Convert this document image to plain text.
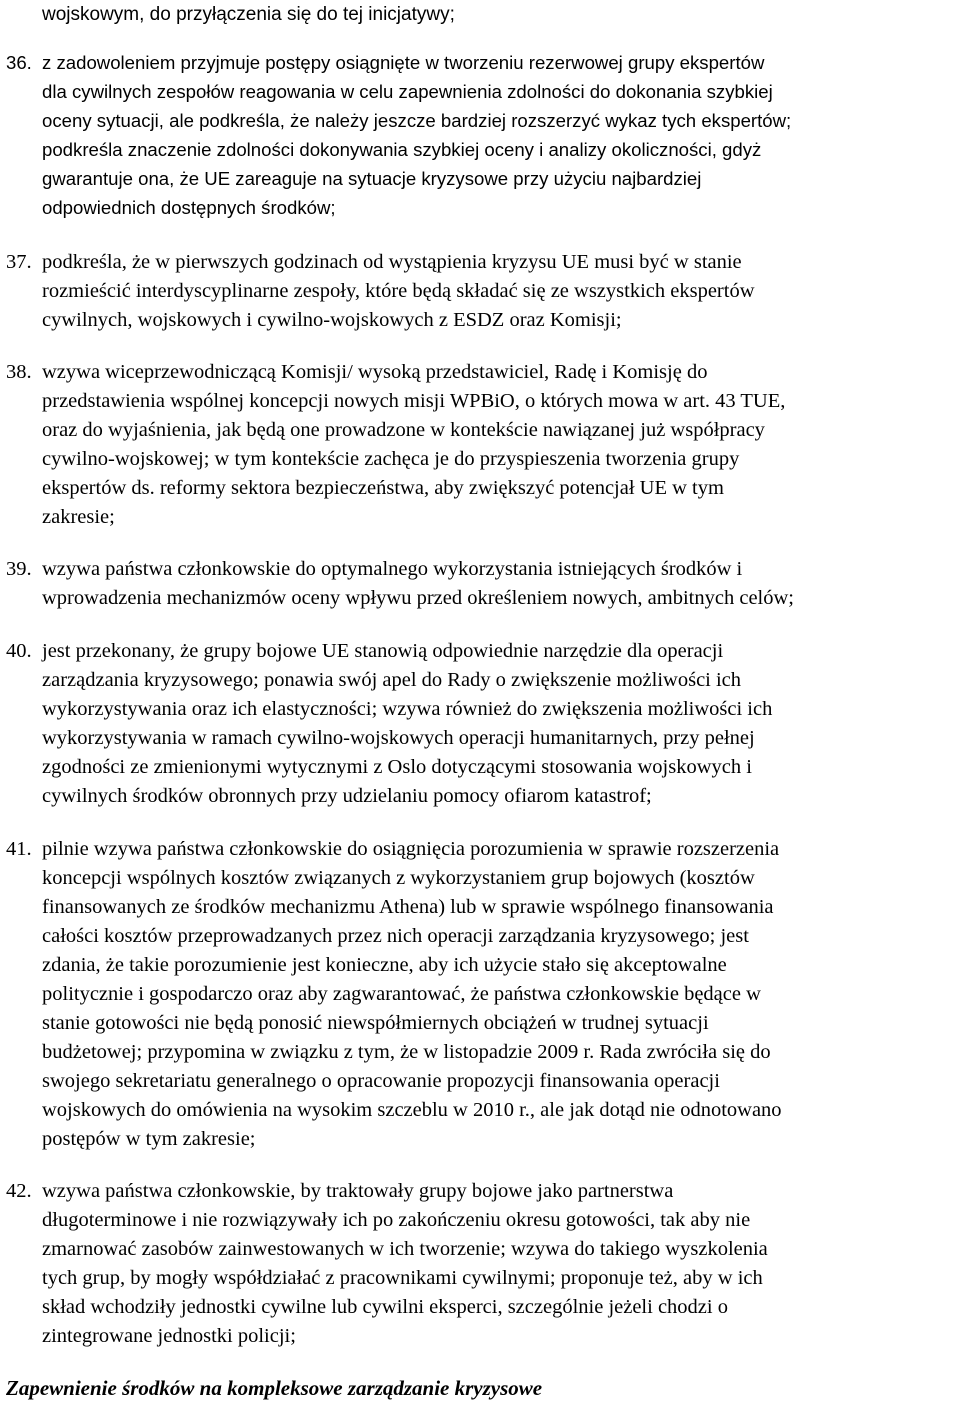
wojskowym, do przyłączenia się do tej inicjatywy;
36. z zadowoleniem przyjmuje postępy osiągnięte w tworzeniu rezerwowej grupy ekspertów
dla cywilnych zespołów reagowania w celu zapewnienia zdolności do dokonania szybkiej
oceny sytuacji, ale podkreśla, że należy jeszcze bardziej rozszerzyć wykaz tych ekspertów;
podkreśla znaczenie zdolności dokonywania szybkiej oceny i analizy okoliczności, gdyż
gwarantuje ona, że UE zareaguje na sytuacje kryzysowe przy użyciu najbardziej
odpowiednich dostępnych środków;
37. podkreśla, że w pierwszych godzinach od wystąpienia kryzysu UE musi być w stanie
rozmieścić interdyscyplinarne zespoły, które będą składać się ze wszystkich ekspertów
cywilnych, wojskowych i cywilno-wojskowych z ESDZ oraz Komisji;
38. wzywa wiceprzewodniczącą Komisji/ wysoką przedstawiciel, Radę i Komisję do
przedstawienia wspólnej koncepcji nowych misji WPBiO, o których mowa w art. 43 TUE,
oraz do wyjaśnienia, jak będą one prowadzone w kontekście nawiązanej już współpracy
cywilno-wojskowej; w tym kontekście zachęca je do przyspieszenia tworzenia grupy
ekspertów ds. reformy sektora bezpieczeństwa, aby zwiększyć potencjał UE w tym
zakresie;
39. wzywa państwa członkowskie do optymalnego wykorzystania istniejących środków i
wprowadzenia mechanizmów oceny wpływu przed określeniem nowych, ambitnych celów;
40. jest przekonany, że grupy bojowe UE stanowią odpowiednie narzędzie dla operacji
zarządzania kryzysowego; ponawia swój apel do Rady o zwiększenie możliwości ich
wykorzystywania oraz ich elastyczności; wzywa również do zwiększenia możliwości ich
wykorzystywania w ramach cywilno-wojskowych operacji humanitarnych, przy pełnej
zgodności ze zmienionymi wytycznymi z Oslo dotyczącymi stosowania wojskowych i
cywilnych środków obronnych przy udzielaniu pomocy ofiarom katastrof;
41. pilnie wzywa państwa członkowskie do osiągnięcia porozumienia w sprawie rozszerzenia
koncepcji wspólnych kosztów związanych z wykorzystaniem grup bojowych (kosztów
finansowanych ze środków mechanizmu Athena) lub w sprawie wspólnego finansowania
całości kosztów przeprowadzanych przez nich operacji zarządzania kryzysowego; jest
zdania, że takie porozumienie jest konieczne, aby ich użycie stało się akceptowalne
politycznie i gospodarczo oraz aby zagwarantować, że państwa członkowskie będące w
stanie gotowości nie będą ponosić niewspółmiernych obciążeń w trudnej sytuacji
budżetowej; przypomina w związku z tym, że w listopadzie 2009 r. Rada zwróciła się do
swojego sekretariatu generalnego o opracowanie propozycji finansowania operacji
wojskowych do omówienia na wysokim szczeblu w 2010 r., ale jak dotąd nie odnotowano
postępów w tym zakresie;
42. wzywa państwa członkowskie, by traktowały grupy bojowe jako partnerstwa
długoterminowe i nie rozwiązywały ich po zakończeniu okresu gotowości, tak aby nie
zmarnować zasobów zainwestowanych w ich tworzenie; wzywa do takiego wyszkolenia
tych grup, by mogły współdziałać z pracownikami cywilnymi; proponuje też, aby w ich
skład wchodziły jednostki cywilne lub cywilni eksperci, szczególnie jeżeli chodzi o
zintegrowane jednostki policji;
Zapewnienie środków na kompleksowe zarządzanie kryzysowe
